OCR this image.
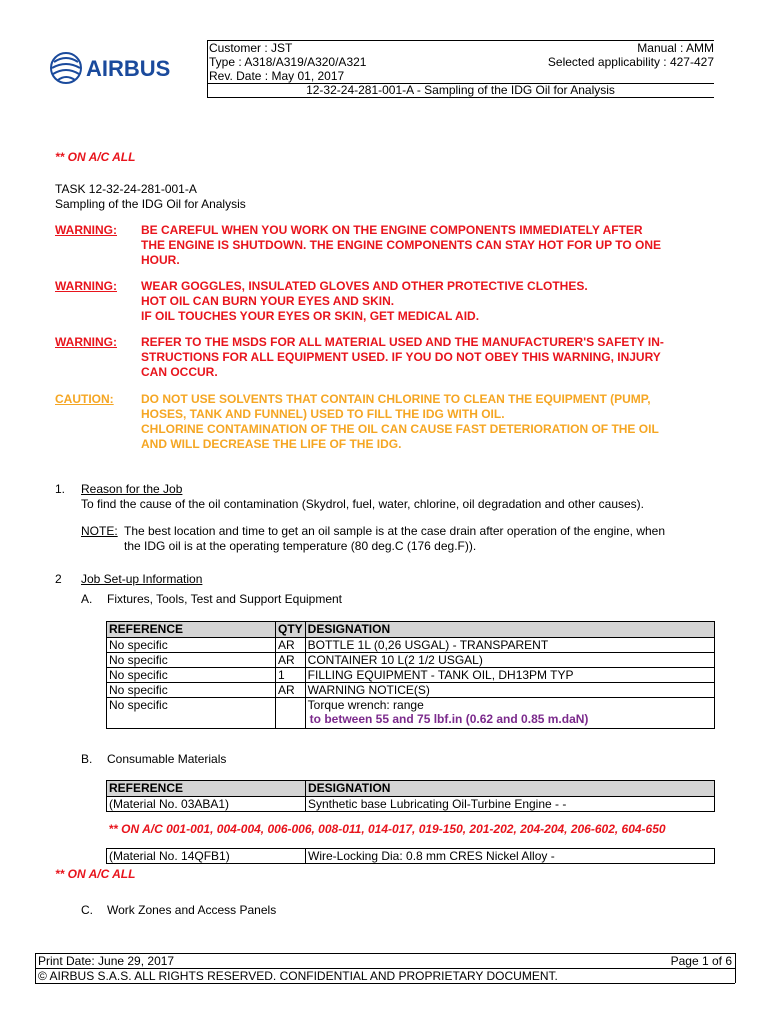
AIRBUS
Customer : JST	Manual : AMM
Type : A318/A319/A320/A321	Selected applicability : 427-427
Rev. Date : May 01, 2017
12-32-24-281-001-A - Sampling of the IDG Oil for Analysis
** ON A/C ALL
TASK 12-32-24-281-001-A
Sampling of the IDG Oil for Analysis
WARNING: BE CAREFUL WHEN YOU WORK ON THE ENGINE COMPONENTS IMMEDIATELY AFTER
THE ENGINE IS SHUTDOWN. THE ENGINE COMPONENTS CAN STAY HOT FOR UP TO ONE
HOUR.
WARNING: WEAR GOGGLES, INSULATED GLOVES AND OTHER PROTECTIVE CLOTHES.
HOT OIL CAN BURN YOUR EYES AND SKIN.
IF OIL TOUCHES YOUR EYES OR SKIN, GET MEDICAL AID.
WARNING: REFER TO THE MSDS FOR ALL MATERIAL USED AND THE MANUFACTURER'S SAFETY IN-
STRUCTIONS FOR ALL EQUIPMENT USED. IF YOU DO NOT OBEY THIS WARNING, INJURY
CAN OCCUR.
CAUTION: DO NOT USE SOLVENTS THAT CONTAIN CHLORINE TO CLEAN THE EQUIPMENT (PUMP,
HOSES, TANK AND FUNNEL) USED TO FILL THE IDG WITH OIL.
CHLORINE CONTAMINATION OF THE OIL CAN CAUSE FAST DETERIORATION OF THE OIL
AND WILL DECREASE THE LIFE OF THE IDG.
1. Reason for the Job
To find the cause of the oil contamination (Skydrol, fuel, water, chlorine, oil degradation and other causes).
NOTE: The best location and time to get an oil sample is at the case drain after operation of the engine, when
the IDG oil is at the operating temperature (80 deg.C (176 deg.F)).
2 Job Set-up Information
A. Fixtures, Tools, Test and Support Equipment
REFERENCE	QTY	DESIGNATION
No specific	AR	BOTTLE 1L (0,26 USGAL) - TRANSPARENT
No specific	AR	CONTAINER 10 L(2 1/2 USGAL)
No specific	1	FILLING EQUIPMENT - TANK OIL, DH13PM TYP
No specific	AR	WARNING NOTICE(S)
No specific		Torque wrench: range
to between 55 and 75 lbf.in (0.62 and 0.85 m.daN)
B. Consumable Materials
REFERENCE	DESIGNATION
(Material No. 03ABA1)	Synthetic base Lubricating Oil-Turbine Engine - -
** ON A/C 001-001, 004-004, 006-006, 008-011, 014-017, 019-150, 201-202, 204-204, 206-602, 604-650	
(Material No. 14QFB1)	Wire-Locking Dia: 0.8 mm CRES Nickel Alloy -
** ON A/C ALL
C. Work Zones and Access Panels
Print Date: June 29, 2017	Page 1 of 6
© AIRBUS S.A.S. ALL RIGHTS RESERVED. CONFIDENTIAL AND PROPRIETARY DOCUMENT.
